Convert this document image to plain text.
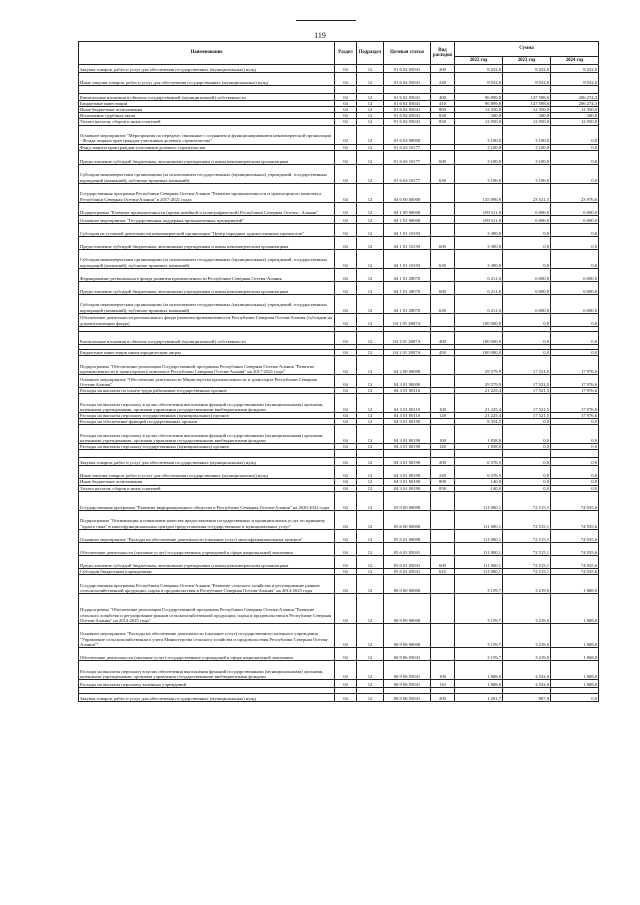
119
Наименование	Раздел	Подраздел	Целевая статья	Вид расходов	Сумма		
					2022 год	2023 год	2024 год
Закупка товаров, работ и услуг для обеспечения государственных (муниципальных) нужд	04	12	01 6 02 05041	200	8 032,0	8 032,0	8 032,0
Иные закупки товаров, работ и услуг для обеспечения государственных (муниципальных) нужд	04	12	01 6 02 05041	240	8 032,0	8 032,0	8 032,0

Капитальные вложения в объекты государственной (муниципальной) собственности	04	12	01 6 02 05041	400	96 899,8	147 588,6	206 274,3
Бюджетные инвестиции	04	12	01 6 02 05041	410	96 899,8	147 588,6	206 274,3
Иные бюджетные ассигнования	04	12	01 6 02 05041	800	12 350,0	12 350,0	12 350,0
Исполнение судебных актов	04	12	01 6 02 05041	830	300,0	300,0	300,0
Уплата налогов, сборов и иных платежей	04	12	01 6 02 05041	850	12 050,0	12 050,0	12 050,0
Основное мероприятие "Мероприятия по передаче, связанные с созданием и функционированием некоммерческой организации - Фонда защиты прав граждан-участников долевого строительства"	04	12	01 6 63 00000		3 100,0	3 100,0	0,0
Фонд защиты прав граждан-участников долевого строительства	04	12	01 6 63 10177		3 100,0	3 100,0	0,0
Предоставление субсидий бюджетным, автономным учреждениям и иным некоммерческим организациям	04	12	01 6 63 10177	600	3 100,0	3 100,0	0,0
Субсидии некоммерческим организациям (за исключением государственных (муниципальных) учреждений, государственных корпораций (компаний), публично-правовых компаний)	04	12	01 6 63 10177	630	3 100,0	3 100,0	0,0
Государственная программа Республики Северная Осетия-Алания "Развитие промышленности и транспортного комплекса Республики Северная Осетия-Алания" в 2017-2021 годах	04	12	04 0 00 00000		135 090,9	23 521,5	23 976,6
Подпрограмма "Развитие промышленности (кроме швейной и полиграфической) Республики Северная Осетия - Алания"	04	12	04 1 00 00000		109 511,0	6 000,0	6 000,0
Основное мероприятие "Государственная поддержка промышленных предприятий"	04	12	04 1 01 00000		109 511,0	6 000,0	6 000,0
Субсидия на уставной деятельности некоммерческой организации "Центр народных художественных промыслов"	04	12	04 1 01 10193		3 300,0	0,0	0,0
Предоставление субсидий бюджетным, автономным учреждениям и иным некоммерческим организациям	04	12	04 1 01 10193	600	3 300,0	0,0	0,0
Субсидии некоммерческим организациям (за исключением государственных (муниципальных) учреждений, государственных корпораций (компаний), публично-правовых компаний)	04	12	04 1 01 10193	630	3 300,0	0,0	0,0
Формирование регионального фонда развития промышленности Республики Северная Осетия-Алания	04	12	04 1 01 28070		6 211,0	6 000,0	6 000,0
Предоставление субсидий бюджетным, автономным учреждениям и иным некоммерческим организациям	04	12	04 1 01 28070	600	6 211,0	6 000,0	6 000,0
Субсидии некоммерческим организациям (за исключением государственных (муниципальных) учреждений, государственных корпораций (компаний), публично-правовых компаний)	04	12	04 1 01 28070	630	6 211,0	6 000,0	6 000,0
Обеспечение деятельности регионального фонда развития промышленности Республики Северная Осетия-Алания (субсидии на докапитализацию фонда)	04	12	04 1 01 2807А		100 000,0	0,0	0,0

Капитальные вложения в объекты государственной (муниципальной) собственности	04	12	04 1 01 2807А	400	100 000,0	0,0	0,0

Бюджетные инвестиции иным юридическим лицам	04	12	04 1 01 2807А	450	100 000,0	0,0	0,0
Подпрограмма "Обеспечение реализации Государственной программы Республики Северная Осетия-Алания "Развитие промышленности и транспортного комплекса Республики Северная Осетия-Алания" на 2017-2021 годы"	04	12	04 2 00 00000		29 579,9	17 521,5	17 976,6
Основное мероприятие "Обеспечение деятельности Министерства промышленности и транспорта Республики Северная Осетия-Алания"	04	12	04 3 01 00000		29 579,9	17 521,5	17 976,6
Расходы на выплаты по оплате труда работников государственных органов	04	12	04 3 01 00110		21 225,4	17 521,5	17 976,6
Расходы на выплаты персоналу в целях обеспечения выполнения функций государственными (муниципальными) органами, казенными учреждениями, органами управления государственными внебюджетными фондами	04	12	04 3 01 00110	100	21 225,4	17 521,5	17 976,6
Расходы на выплаты персоналу государственных (муниципальных) органов	04	12	04 3 01 00110	120	21 225,4	17 521,5	17 976,6
Расходы на обеспечение функций государственных органов	04	12	04 3 01 00190		8 354,5	0,0	0,0
Расходы на выплаты персоналу в целях обеспечения выполнения функций государственными (муниципальными) органами, казенными учреждениями, органами управления государственными внебюджетными фондами	04	12	04 3 01 00190	100	1 838,0	0,0	0,0
Расходы на выплаты персоналу государственных (муниципальных) органов	04	12	04 3 01 00190	120	1 838,0	0,0	0,0

Закупка товаров, работ и услуг для обеспечения государственных (муниципальных) нужд	04	12	04 3 01 00190	200	6 376,5	0,0	0,0
Иные закупки товаров, работ и услуг для обеспечения государственных (муниципальных) нужд	04	12	04 3 01 00190	240	6 376,5	0,0	0,0
Иные бюджетные ассигнования	04	12	04 3 01 00190	800	140,0	0,0	0,0
Уплата налогов, сборов и иных платежей	04	12	04 3 01 00190	850	140,0	0,0	0,0
Государственная программа "Развитие информационного общества в Республике Северная Осетия-Алания" на 2020-2022 годы	04	12	05 0 00 00000		111 000,1	72 515,1	74 935,6
Подпрограмма "Оптимизация и повышение качества предоставления государственных и муниципальных услуг по принципу "одного окна" в многофункциональных центрах предоставления государственных и муниципальных услуг"	04	12	05 6 00 00000		111 000,1	72 515,1	74 935,6
Основное мероприятие "Расходы на обеспечение деятельности (оказание услуг) многофункциональных центров"	04	12	05 6 01 00000		111 000,1	72 515,1	74 935,6
Обеспечение деятельности (оказание услуг) государственных учреждений в сфере национальной экономики	04	12	05 6 01 05041		111 000,1	72 515,1	74 935,6
Предоставление субсидий бюджетным, автономным учреждениям и иным некоммерческим организациям	04	12	05 6 01 05041	600	111 000,1	72 515,1	74 935,6
Субсидии бюджетным учреждениям	04	12	05 6 01 05041	610	111 000,1	72 515,1	74 935,6
Государственная программа Республики Северная Осетия-Алания "Развитие сельского хозяйства и регулирование рынков сельскохозяйственной продукции, сырья и продовольствия в Республике Северная Осетия-Алания" на 2014-2025 годы	04	12	06 0 00 00000		3 159,7	3 219,0	1 868,0
Подпрограмма "Обеспечение реализации Государственной программы Республики Северная Осетия-Алания "Развитие сельского хозяйства и регулирование рынков сельскохозяйственной продукции, сырья и продовольствия в Республике Северная Осетия-Алания" на 2014-2025 годы"	04	12	06 9 00 00000		3 159,7	3 219,0	1 868,0
Основное мероприятие "Расходы на обеспечение деятельности (оказание услуг) государственного казенного учреждения "Управление сельскохозяйственного учета Министерства сельского хозяйства и продовольствия Республики Северная Осетия-Алания""	04	12	06 9 06 00000		3 159,7	3 219,0	1 868,0
Обеспечение деятельности (оказание услуг) государственных учреждений в сфере национальной экономики	04	12	06 9 06 05041		3 159,7	3 219,0	1 868,0
Расходы на выплаты персоналу в целях обеспечения выполнения функций государственными (муниципальными) органами, казенными учреждениями, органами управления государственными внебюджетными фондами	04	12	06 9 06 05041	100	1 868,0	2 332,0	1 868,0
Расходы на выплаты персоналу казенных учреждений	04	12	06 9 06 05041	110	1 868,0	2 332,0	1 868,0

Закупка товаров, работ и услуг для обеспечения государственных (муниципальных) нужд	04	12	06 9 06 05041	200	1 291,7	887,0	0,0
